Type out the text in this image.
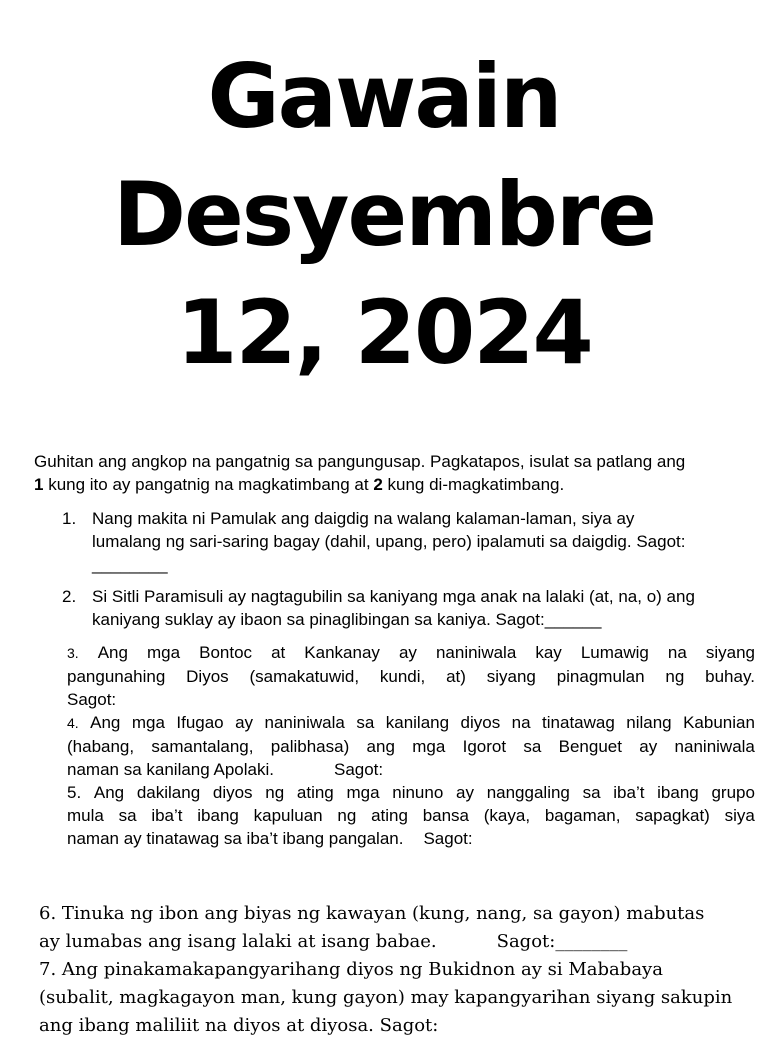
Gawain
Desyembre
12, 2024
Guhitan ang angkop na pangatnig sa pangungusap. Pagkatapos, isulat sa patlang ang
1 kung ito ay pangatnig na magkatimbang at 2 kung di-magkatimbang.
1. Nang makita ni Pamulak ang daigdig na walang kalaman-laman, siya ay
lumalang ng sari-saring bagay (dahil, upang, pero) ipalamuti sa daigdig. Sagot:
________
2. Si Sitli Paramisuli ay nagtagubilin sa kaniyang mga anak na lalaki (at, na, o) ang
kaniyang suklay ay ibaon sa pinaglibingan sa kaniya. Sagot:______
3. Ang mga Bontoc at Kankanay ay naniniwala kay Lumawig na siyang
pangunahing Diyos (samakatuwid, kundi, at) siyang pinagmulan ng buhay.
Sagot:
4. Ang mga Ifugao ay naniniwala sa kanilang diyos na tinatawag nilang Kabunian
(habang, samantalang, palibhasa) ang mga Igorot sa Benguet ay naniniwala
naman sa kanilang Apolaki.	Sagot:
5. Ang dakilang diyos ng ating mga ninuno ay nanggaling sa iba’t ibang grupo
mula sa iba’t ibang kapuluan ng ating bansa (kaya, bagaman, sapagkat) siya
naman ay tinatawag sa iba’t ibang pangalan. Sagot:
6. Tinuka ng ibon ang biyas ng kawayan (kung, nang, sa gayon) mabutas
ay lumabas ang isang lalaki at isang babae.	Sagot:________
7. Ang pinakamakapangyarihang diyos ng Bukidnon ay si Mababaya
(subalit, magkagayon man, kung gayon) may kapangyarihan siyang sakupin
ang ibang maliliit na diyos at diyosa. Sagot:
